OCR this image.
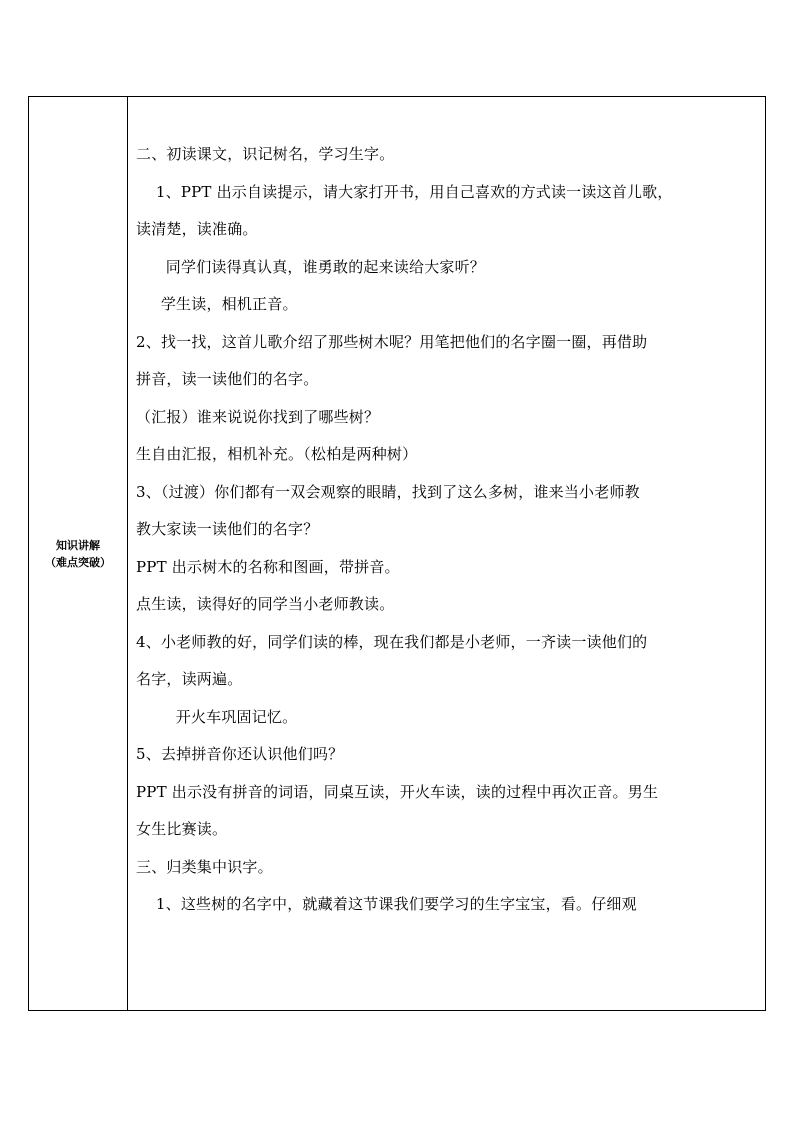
知识讲解
（难点突破）
二、初读课文，识记树名，学习生字。
1、PPT 出示自读提示，请大家打开书，用自己喜欢的方式读一读这首儿歌，
读清楚，读准确。
同学们读得真认真，谁勇敢的起来读给大家听？
学生读，相机正音。
2、找一找，这首儿歌介绍了那些树木呢？用笔把他们的名字圈一圈，再借助
拼音，读一读他们的名字。
（汇报）谁来说说你找到了哪些树？
生自由汇报，相机补充。（松柏是两种树）
3、（过渡）你们都有一双会观察的眼睛，找到了这么多树，谁来当小老师教
教大家读一读他们的名字？
PPT 出示树木的名称和图画，带拼音。
点生读，读得好的同学当小老师教读。
4、小老师教的好，同学们读的棒，现在我们都是小老师，一齐读一读他们的
名字，读两遍。
开火车巩固记忆。
5、去掉拼音你还认识他们吗？
PPT 出示没有拼音的词语，同桌互读，开火车读，读的过程中再次正音。男生
女生比赛读。
三、归类集中识字。
1、这些树的名字中，就藏着这节课我们要学习的生字宝宝，看。仔细观
